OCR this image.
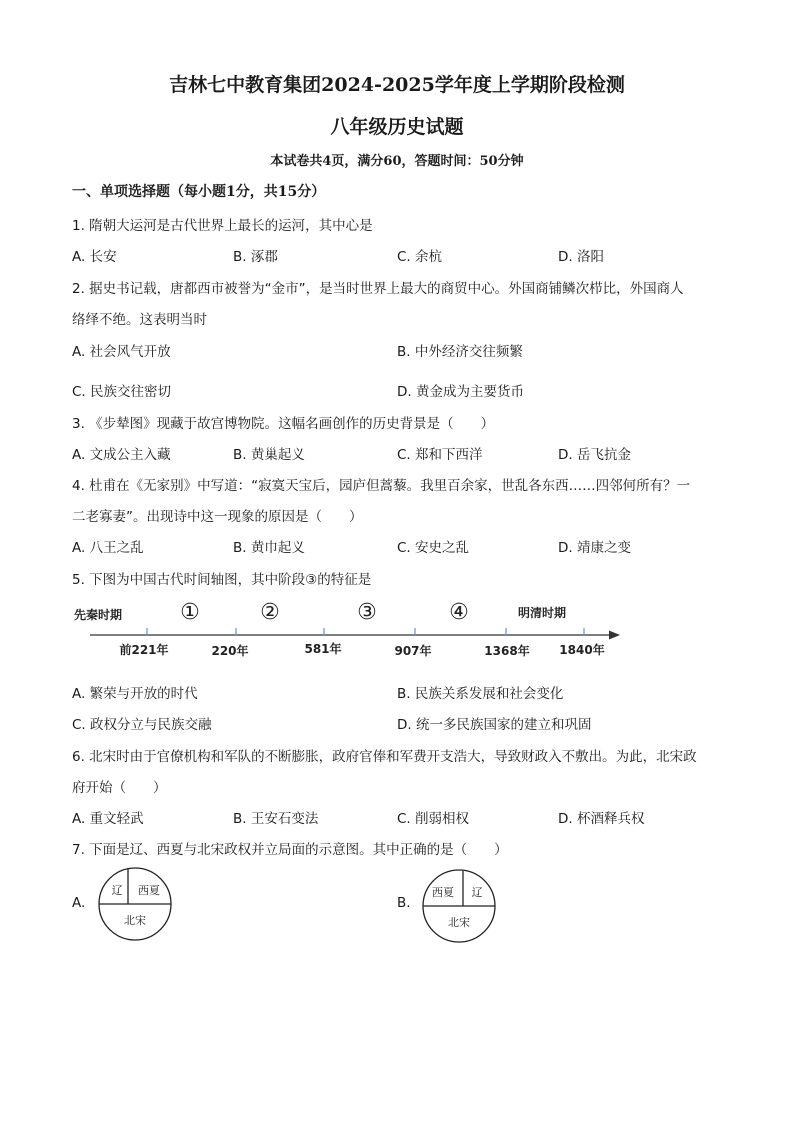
吉林七中教育集团2024-2025学年度上学期阶段检测
八年级历史试题
本试卷共4页，满分60，答题时间：50分钟
一、单项选择题（每小题1分，共15分）
1. 隋朝大运河是古代世界上最长的运河，其中心是
A. 长安	B. 涿郡	C. 余杭	D. 洛阳
2. 据史书记载，唐都西市被誉为“金市”，是当时世界上最大的商贸中心。外国商铺鳞次栉比，外国商人
络绎不绝。这表明当时
A. 社会风气开放	B. 中外经济交往频繁
C. 民族交往密切	D. 黄金成为主要货币
3. 《步辇图》现藏于故宫博物院。这幅名画创作的历史背景是（　　）
A. 文成公主入藏	B. 黄巢起义	C. 郑和下西洋	D. 岳飞抗金
4. 杜甫在《无家别》中写道：“寂寞天宝后，园庐但蒿藜。我里百余家，世乱各东西……四邻何所有？一
二老寡妻”。出现诗中这一现象的原因是（　　）
A. 八王之乱	B. 黄巾起义	C. 安史之乱	D. 靖康之变
5. 下图为中国古代时间轴图，其中阶段③的特征是
先秦时期	明清时期
①	②	③	④
前221年	220年	581年	907年	1368年 1840年
A. 繁荣与开放的时代	B. 民族关系发展和社会变化
C. 政权分立与民族交融	D. 统一多民族国家的建立和巩固
6. 北宋时由于官僚机构和军队的不断膨胀，政府官俸和军费开支浩大，导致财政入不敷出。为此，北宋政
府开始（　　）
A. 重文轻武	B. 王安石变法	C. 削弱相权	D. 杯酒释兵权
7. 下面是辽、西夏与北宋政权并立局面的示意图。其中正确的是（　　）
A.	B.
辽 西夏
北宋
西夏 辽
北宋
